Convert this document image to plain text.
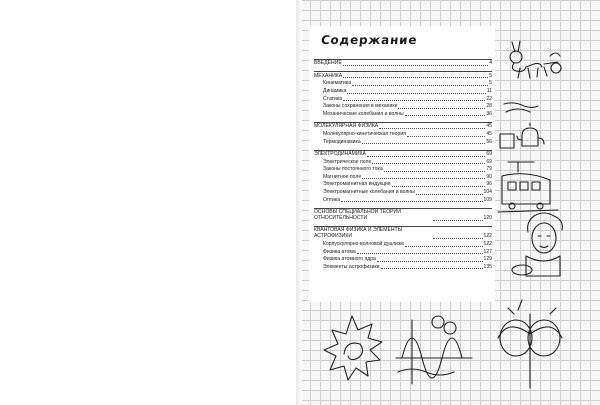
Содержание
ВВЕДЕНИЕ	4
МЕХАНИКА	5
Кинематика	5
Динамика	11
Статика	22
Законы сохранения в механике	28
Механические колебания и волны	36
МОЛЕКУЛЯРНАЯ ФИЗИКА	45
Молекулярно-кинетическая теория	45
Термодинамика	56
ЭЛЕКТРОДИНАМИКА	69
Электрическое поле	69
Законы постоянного тока	79
Магнитное поле	90
Электромагнитная индукция	96
Электромагнитные колебания и волны	104
Оптика	109
ОСНОВЫ СПЕЦИАЛЬНОЙ ТЕОРИИ ОТНОСИТЕЛЬНОСТИ	120
КВАНТОВАЯ ФИЗИКА И ЭЛЕМЕНТЫ АСТРОФИЗИКИ	122
Корпускулярно-волновой дуализм	122
Физика атома	127
Физика атомного ядра	129
Элементы астрофизики	135
